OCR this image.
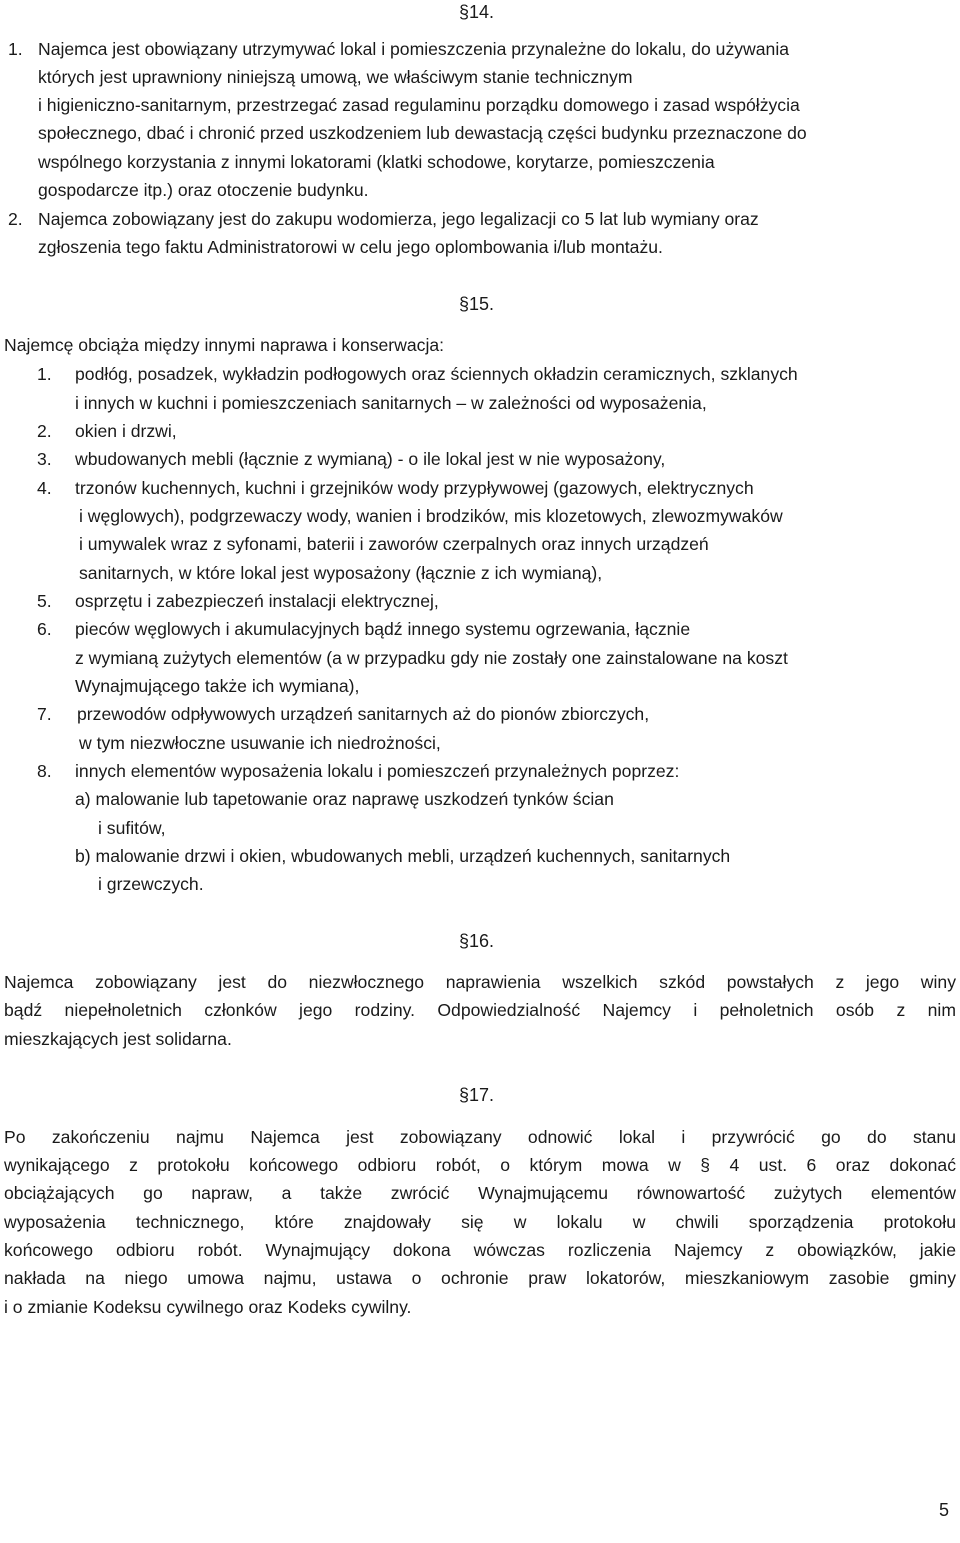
§14.
1. Najemca jest obowiązany utrzymywać lokal i pomieszczenia przynależne do lokalu, do używania
których jest uprawniony niniejszą umową, we właściwym stanie technicznym
i higieniczno-sanitarnym, przestrzegać zasad regulaminu porządku domowego i zasad współżycia
społecznego, dbać i chronić przed uszkodzeniem lub dewastacją części budynku przeznaczone do
wspólnego korzystania z innymi lokatorami (klatki schodowe, korytarze, pomieszczenia
gospodarcze itp.) oraz otoczenie budynku.
2. Najemca zobowiązany jest do zakupu wodomierza, jego legalizacji co 5 lat lub wymiany oraz
zgłoszenia tego faktu Administratorowi w celu jego oplombowania i/lub montażu.
§15.
Najemcę obciąża między innymi naprawa i konserwacja:
1. podłóg, posadzek, wykładzin podłogowych oraz ściennych okładzin ceramicznych, szklanych
i innych w kuchni i pomieszczeniach sanitarnych – w zależności od wyposażenia,
2. okien i drzwi,
3. wbudowanych mebli (łącznie z wymianą) - o ile lokal jest w nie wyposażony,
4. trzonów kuchennych, kuchni i grzejników wody przypływowej (gazowych, elektrycznych
i węglowych), podgrzewaczy wody, wanien i brodzików, mis klozetowych, zlewozmywaków
i umywalek wraz z syfonami, baterii i zaworów czerpalnych oraz innych urządzeń
sanitarnych, w które lokal jest wyposażony (łącznie z ich wymianą),
5. osprzętu i zabezpieczeń instalacji elektrycznej,
6. pieców węglowych i akumulacyjnych bądź innego systemu ogrzewania, łącznie
z wymianą zużytych elementów (a w przypadku gdy nie zostały one zainstalowane na koszt
Wynajmującego także ich wymiana),
7. przewodów odpływowych urządzeń sanitarnych aż do pionów zbiorczych,
w tym niezwłoczne usuwanie ich niedrożności,
8. innych elementów wyposażenia lokalu i pomieszczeń przynależnych poprzez:
a) malowanie lub tapetowanie oraz naprawę uszkodzeń tynków ścian
i sufitów,
b) malowanie drzwi i okien, wbudowanych mebli, urządzeń kuchennych, sanitarnych
i grzewczych.
§16.
Najemca zobowiązany jest do niezwłocznego naprawienia wszelkich szkód powstałych z jego winy
bądź niepełnoletnich członków jego rodziny. Odpowiedzialność Najemcy i pełnoletnich osób z nim
mieszkających jest solidarna.
§17.
Po zakończeniu najmu Najemca jest zobowiązany odnowić lokal i przywrócić go do stanu
wynikającego z protokołu końcowego odbioru robót, o którym mowa w § 4 ust. 6 oraz dokonać
obciążających go napraw, a także zwrócić Wynajmującemu równowartość zużytych elementów
wyposażenia technicznego, które znajdowały się w lokalu w chwili sporządzenia protokołu
końcowego odbioru robót. Wynajmujący dokona wówczas rozliczenia Najemcy z obowiązków, jakie
nakłada na niego umowa najmu, ustawa o ochronie praw lokatorów, mieszkaniowym zasobie gminy
i o zmianie Kodeksu cywilnego oraz Kodeks cywilny.
5
